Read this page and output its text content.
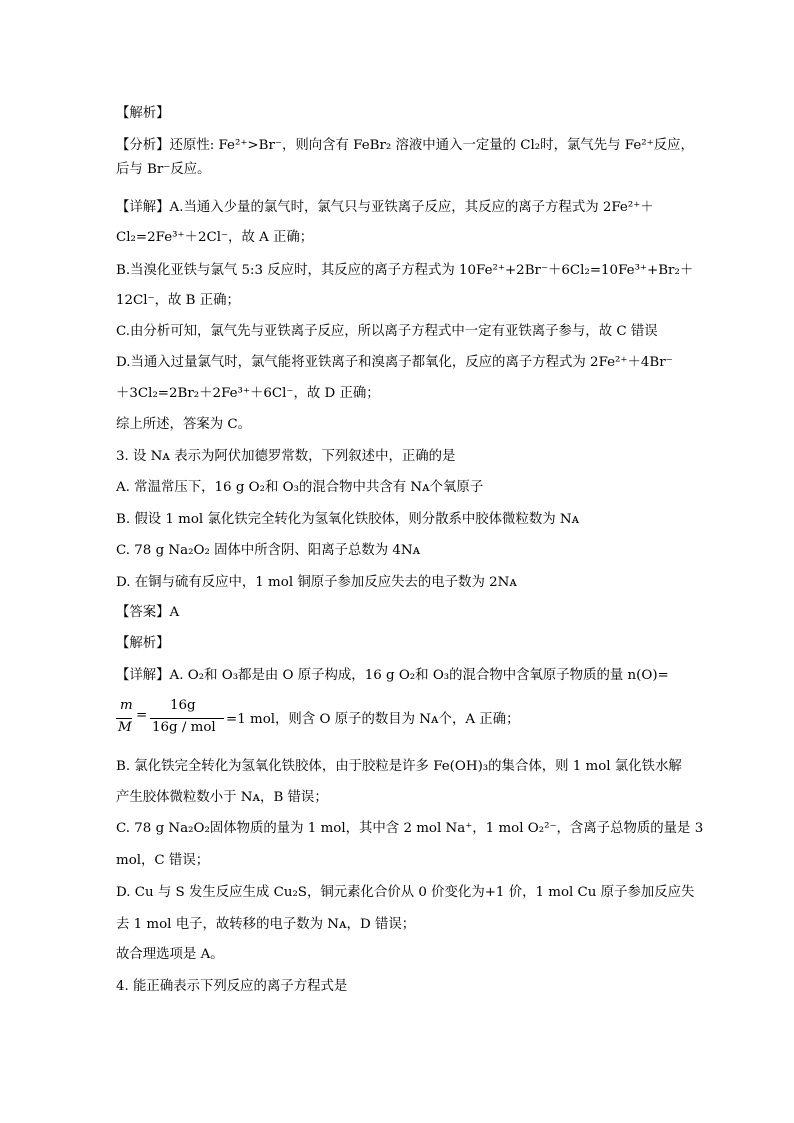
【解析】
【分析】还原性: Fe²⁺>Br⁻，则向含有 FeBr₂ 溶液中通入一定量的 Cl₂时，氯气先与 Fe²⁺反应，
后与 Br⁻反应。
【详解】A.当通入少量的氯气时，氯气只与亚铁离子反应，其反应的离子方程式为 2Fe²⁺＋
Cl₂=2Fe³⁺＋2Cl⁻，故 A 正确；
B.当溴化亚铁与氯气 5:3 反应时，其反应的离子方程式为 10Fe²⁺+2Br⁻＋6Cl₂=10Fe³⁺+Br₂＋
12Cl⁻，故 B 正确；
C.由分析可知，氯气先与亚铁离子反应，所以离子方程式中一定有亚铁离子参与，故 C 错误
D.当通入过量氯气时，氯气能将亚铁离子和溴离子都氧化，反应的离子方程式为 2Fe²⁺＋4Br⁻
＋3Cl₂=2Br₂＋2Fe³⁺＋6Cl⁻，故 D 正确；
综上所述，答案为 C。
3. 设 Nᴀ 表示为阿伏加德罗常数，下列叙述中，正确的是
A. 常温常压下，16 g O₂和 O₃的混合物中共含有 Nᴀ个氧原子
B. 假设 1 mol 氯化铁完全转化为氢氧化铁胶体，则分散系中胶体微粒数为 Nᴀ
C. 78 g Na₂O₂ 固体中所含阴、阳离子总数为 4Nᴀ
D. 在铜与硫有反应中，1 mol 铜原子参加反应失去的电子数为 2Nᴀ
【答案】A
【解析】
【详解】A. O₂和 O₃都是由 O 原子构成，16 g O₂和 O₃的混合物中含氧原子物质的量 n(O)=
m
M
=
16g
16g / mol
=1 mol，则含 O 原子的数目为 Nᴀ个，A 正确；
B. 氯化铁完全转化为氢氧化铁胶体，由于胶粒是许多 Fe(OH)₃的集合体，则 1 mol 氯化铁水解
产生胶体微粒数小于 Nᴀ，B 错误；
C. 78 g Na₂O₂固体物质的量为 1 mol，其中含 2 mol Na⁺，1 mol O₂²⁻，含离子总物质的量是 3
mol，C 错误；
D. Cu 与 S 发生反应生成 Cu₂S，铜元素化合价从 0 价变化为+1 价，1 mol Cu 原子参加反应失
去 1 mol 电子，故转移的电子数为 Nᴀ，D 错误；
故合理选项是 A。
4. 能正确表示下列反应的离子方程式是
